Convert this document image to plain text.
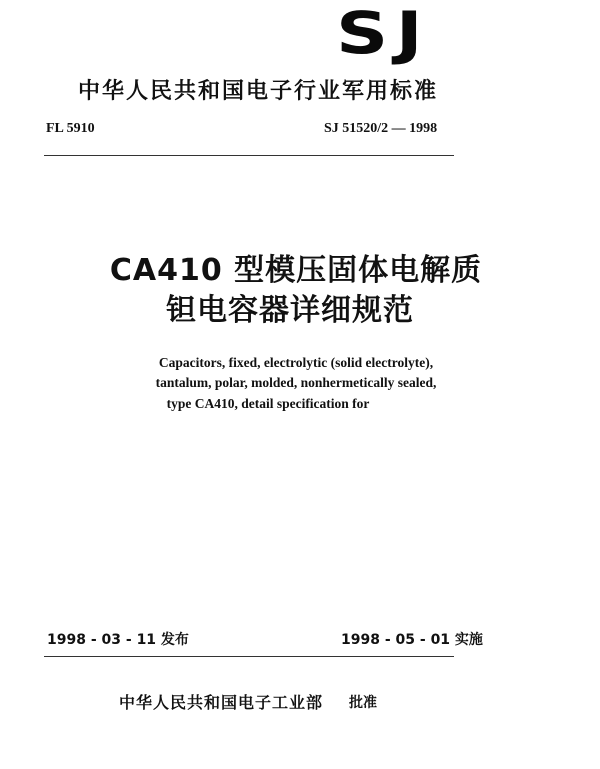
SJ
中华人民共和国电子行业军用标准
FL 5910	SJ 51520/2 — 1998
CA410 型模压固体电解质
钽电容器详细规范
Capacitors, fixed, electrolytic (solid electrolyte),
tantalum, polar, molded, nonhermetically sealed,
type CA410, detail specification for
1998 - 03 - 11 发布	1998 - 05 - 01 实施
中华人民共和国电子工业部 批准
